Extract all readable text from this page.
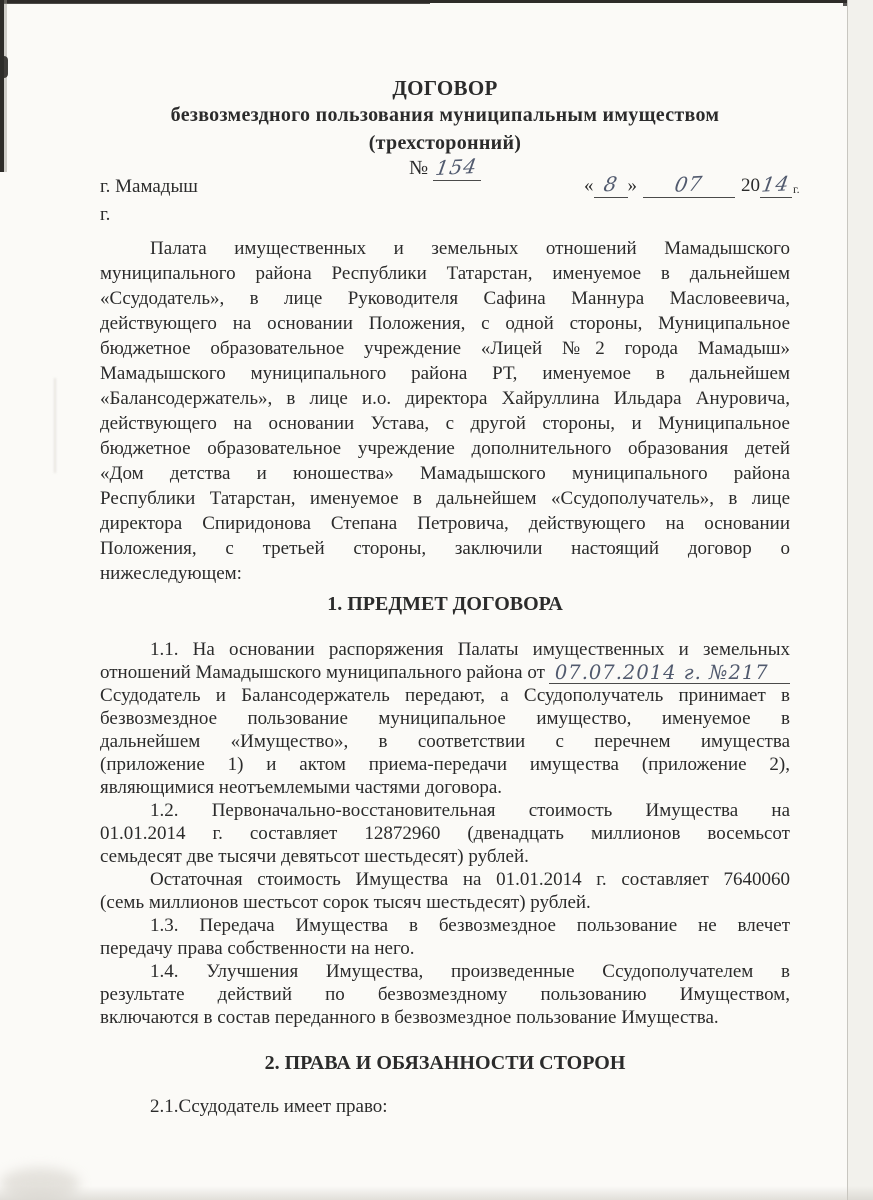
ДОГОВОР
безвозмездного пользования муниципальным имуществом
(трехсторонний)
№ 154
г. Мамадыш
г.
« 8 » 07 2014г.
Палата имущественных и земельных отношений Мамадышского
муниципального района Республики Татарстан, именуемое в дальнейшем
«Ссудодатель», в лице Руководителя Сафина Маннура Масловеевича,
действующего на основании Положения, с одной стороны, Муниципальное
бюджетное образовательное учреждение «Лицей №2 города Мамадыш»
Мамадышского муниципального района РТ, именуемое в дальнейшем
«Балансодержатель», в лице и.о. директора Хайруллина Ильдара Ануровича,
действующего на основании Устава, с другой стороны, и Муниципальное
бюджетное образовательное учреждение дополнительного образования детей
«Дом детства и юношества» Мамадышского муниципального района
Республики Татарстан, именуемое в дальнейшем «Ссудополучатель», в лице
директора Спиридонова Степана Петровича, действующего на основании
Положения, с третьей стороны, заключили настоящий договор о
нижеследующем:
1. ПРЕДМЕТ ДОГОВОРА
1.1. На основании распоряжения Палаты имущественных и земельных
отношений Мамадышского муниципального района от 07.07.2014 г. №217
Ссудодатель и Балансодержатель передают, а Ссудополучатель принимает в
безвозмездное пользование муниципальное имущество, именуемое в
дальнейшем «Имущество», в соответствии с перечнем имущества
(приложение 1) и актом приема-передачи имущества (приложение 2),
являющимися неотъемлемыми частями договора.
1.2. Первоначально-восстановительная стоимость Имущества на
01.01.2014 г. составляет 12872960 (двенадцать миллионов восемьсот
семьдесят две тысячи девятьсот шестьдесят) рублей.
Остаточная стоимость Имущества на 01.01.2014 г. составляет 7640060
(семь миллионов шестьсот сорок тысяч шестьдесят) рублей.
1.3. Передача Имущества в безвозмездное пользование не влечет
передачу права собственности на него.
1.4. Улучшения Имущества, произведенные Ссудополучателем в
результате действий по безвозмездному пользованию Имуществом,
включаются в состав переданного в безвозмездное пользование Имущества.
2. ПРАВА И ОБЯЗАННОСТИ СТОРОН
2.1.Ссудодатель имеет право:
